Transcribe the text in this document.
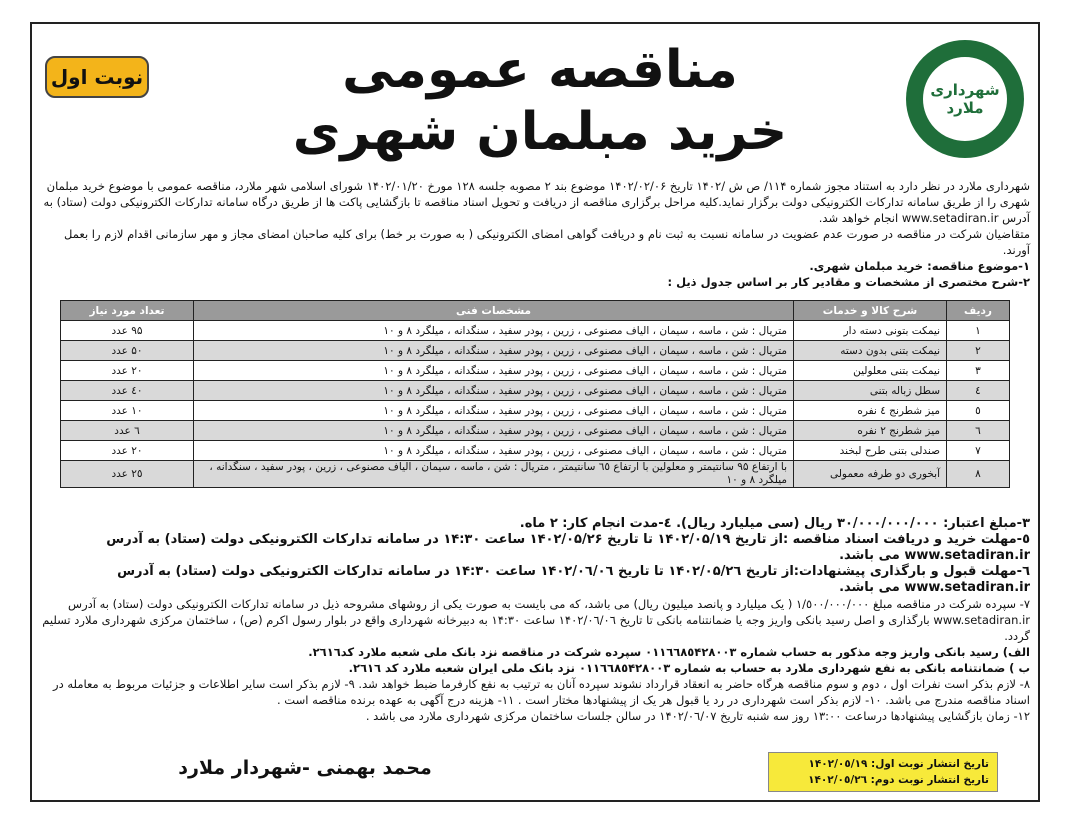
شهرداری ملارد
مناقصه عمومی
خرید مبلمان شهری
نوبت اول

شهرداری ملارد در نظر دارد به استناد مجوز شماره ۱۱۴/ ص ش /۱۴۰۲ تاریخ ۱۴۰۲/۰۲/۰۶ موضوع بند ۲ مصوبه جلسه ۱۲۸ مورخ ۱۴۰۲/۰۱/۲۰ شورای اسلامی شهر ملارد، مناقصه عمومی با موضوع خرید مبلمان شهری را از طریق سامانه تدارکات الکترونیکی دولت برگزار نماید.کلیه مراحل برگزاری مناقصه از دریافت و تحویل اسناد مناقصه تا بازگشایی پاکت ها از طریق درگاه سامانه تدارکات الکترونیکی دولت (ستاد) به آدرس www.setadiran.ir انجام خواهد شد.

متقاضیان شرکت در مناقصه در صورت عدم عضویت در سامانه نسبت به ثبت نام و دریافت گواهی امضای الکترونیکی ( به صورت بر خط) برای کلیه صاحبان امضای مجاز و مهر سازمانی اقدام لازم را بعمل آورند.

۱-موضوع مناقصه: خرید مبلمان شهری.

۲-شرح مختصری از مشخصات و مقادیر کار بر اساس جدول ذیل :

ردیف	شرح کالا و خدمات	مشخصات فنی	تعداد مورد نیاز
۱	نیمکت بتونی دسته دار	متریال : شن ، ماسه ، سیمان ، الیاف مصنوعی ، زرین ، پودر سفید ، سنگدانه ، میلگرد ۸ و ۱۰	۹۵ عدد
۲	نیمکت بتنی بدون دسته	متریال : شن ، ماسه ، سیمان ، الیاف مصنوعی ، زرین ، پودر سفید ، سنگدانه ، میلگرد ۸ و ۱۰	۵۰ عدد
۳	نیمکت بتنی معلولین	متریال : شن ، ماسه ، سیمان ، الیاف مصنوعی ، زرین ، پودر سفید ، سنگدانه ، میلگرد ۸ و ۱۰	۲۰ عدد
٤	سطل زباله بتنی	متریال : شن ، ماسه ، سیمان ، الیاف مصنوعی ، زرین ، پودر سفید ، سنگدانه ، میلگرد ۸ و ۱۰	٤۰ عدد
٥	میز شطرنج ٤ نفره	متریال : شن ، ماسه ، سیمان ، الیاف مصنوعی ، زرین ، پودر سفید ، سنگدانه ، میلگرد ۸ و ۱۰	۱۰ عدد
٦	میز شطرنج ۲ نفره	متریال : شن ، ماسه ، سیمان ، الیاف مصنوعی ، زرین ، پودر سفید ، سنگدانه ، میلگرد ۸ و ۱۰	٦ عدد
۷	صندلی بتنی طرح لبخند	متریال : شن ، ماسه ، سیمان ، الیاف مصنوعی ، زرین ، پودر سفید ، سنگدانه ، میلگرد ۸ و ۱۰	۲۰ عدد
۸	آبخوری دو طرفه معمولی	با ارتفاع ۹۵ سانتیمتر و معلولین با ارتفاع ٦٥ سانتیمتر ، متریال : شن ، ماسه ، سیمان ، الیاف مصنوعی ، زرین ، پودر سفید ، سنگدانه ، میلگرد ۸ و ۱۰	۲٥ عدد

۳-مبلغ اعتبار: ۳۰/۰۰۰/۰۰۰/۰۰۰ ریال (سی میلیارد ریال). ٤-مدت انجام کار: ۲ ماه.

٥-مهلت خرید و دریافت اسناد مناقصه :از تاریخ ۱۴۰۲/۰۵/۱۹ تا تاریخ ۱۴۰۲/۰۵/۲۶ ساعت ۱۴:۳۰ در سامانه تدارکات الکترونیکی دولت (ستاد) به آدرس www.setadiran.ir می باشد.

٦-مهلت قبول و بارگذاری پیشنهادات:از تاریخ ۱۴۰۲/۰۵/۲٦ تا تاریخ ۱۴۰۲/۰٦/۰٦ ساعت ۱۴:۳۰ در سامانه تدارکات الکترونیکی دولت (ستاد) به آدرس www.setadiran.ir می باشد.

۷- سپرده شرکت در مناقصه مبلغ ۱/٥۰۰/۰۰۰/۰۰۰ ( یک میلیارد و پانصد میلیون ریال) می باشد، که می بایست به صورت یکی از روشهای مشروحه ذیل در سامانه تدارکات الکترونیکی دولت (ستاد) به آدرس www.setadiran.ir بارگذاری و اصل رسید بانکی واریز وجه یا ضمانتنامه بانکی تا تاریخ ۱۴۰۲/۰٦/۰٦ ساعت ۱۴:۳۰ به دبیرخانه شهرداری واقع در بلوار رسول اکرم (ص) ، ساختمان مرکزی شهرداری ملارد تسلیم گردد.

الف) رسید بانکی واریز وجه مذکور به حساب شماره ۰۱۱٦٦۸٥۴۲۸۰۰۳ سپرده شرکت در مناقصه نزد بانک ملی شعبه ملارد کد۲٦۱٦.

ب ) ضمانتنامه بانکی به نفع شهرداری ملارد به حساب به شماره ۰۱۱٦٦۸٥۴۲۸۰۰۳ نزد بانک ملی ایران شعبه ملارد کد ۲٦۱٦.

۸- لازم بذکر است نفرات اول ، دوم و سوم مناقصه هرگاه حاضر به انعقاد قرارداد نشوند سپرده آنان به ترتیب به نفع کارفرما ضبط خواهد شد. ۹- لازم بذکر است سایر اطلاعات و جزئیات مربوط به معامله در اسناد مناقصه مندرج می باشد. ۱۰- لازم بذکر است شهرداری در رد یا قبول هر یک از پیشنهادها مختار است . ۱۱- هزینه درج آگهی به عهده برنده مناقصه است .

۱۲- زمان بازگشایی پیشنهادها درساعت ۱۳:۰۰ روز سه شنبه تاریخ ۱۴۰۲/۰٦/۰۷ در سالن جلسات ساختمان مرکزی شهرداری ملارد می باشد .

تاریخ انتشار نوبت اول: ۱۴۰۲/۰٥/۱۹
تاریخ انتشار نوبت دوم: ۱۴۰۲/۰٥/۲٦
محمد بهمنی -شهردار ملارد
